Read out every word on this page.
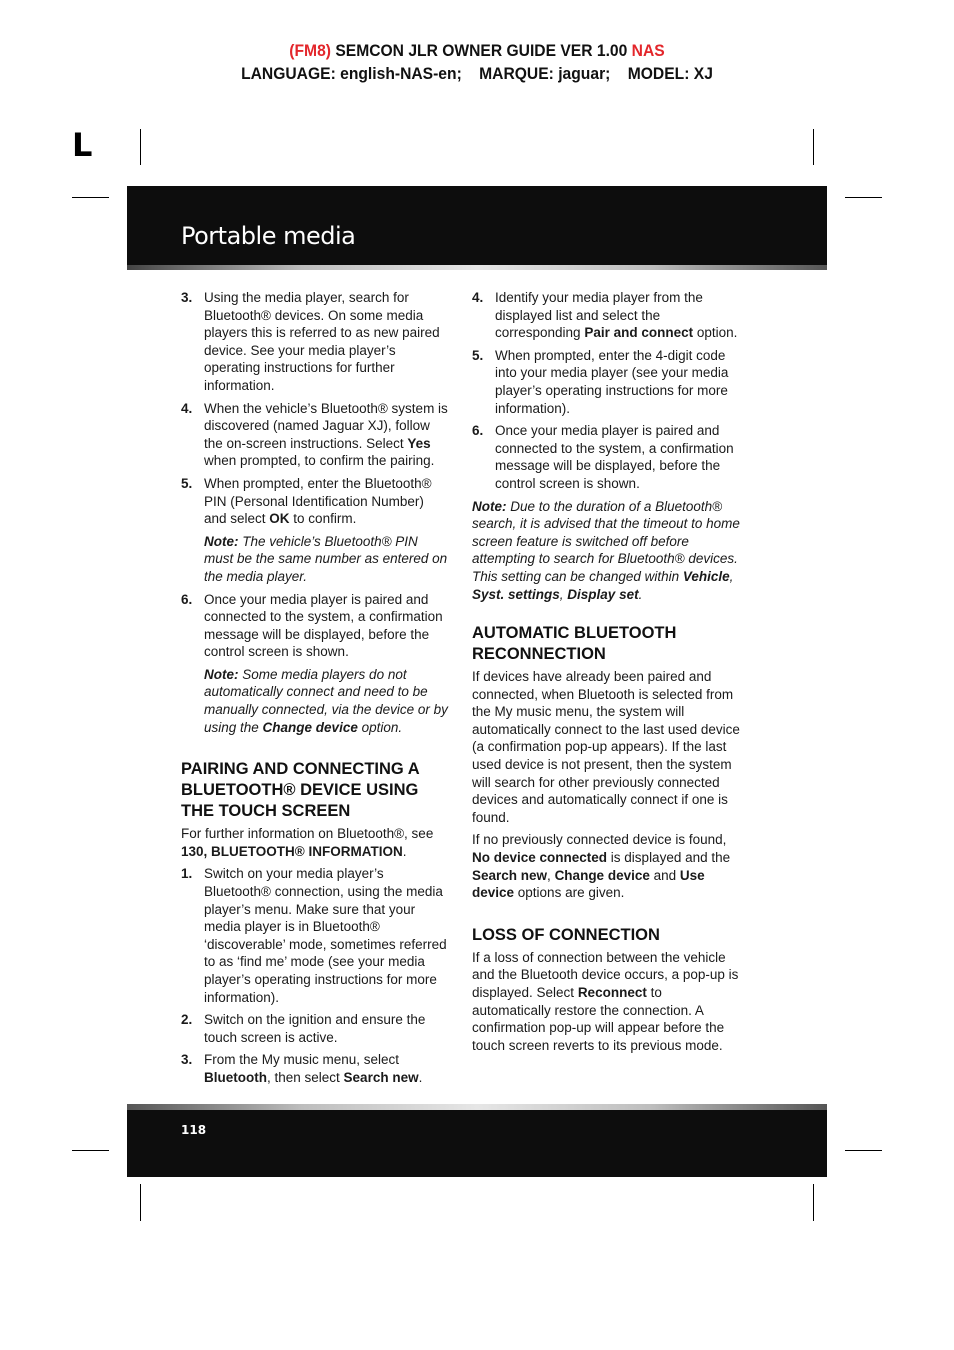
(FM8) SEMCON JLR OWNER GUIDE VER 1.00 NAS
LANGUAGE: english-NAS-en;    MARQUE: jaguar;    MODEL: XJ
L
Portable media
3. Using the media player, search for Bluetooth® devices. On some media players this is referred to as new paired device. See your media player’s operating instructions for further information.
4. When the vehicle’s Bluetooth® system is discovered (named Jaguar XJ), follow the on-screen instructions. Select Yes when prompted, to confirm the pairing.
5. When prompted, enter the Bluetooth® PIN (Personal Identification Number) and select OK to confirm.
Note: The vehicle’s Bluetooth® PIN must be the same number as entered on the media player.
6. Once your media player is paired and connected to the system, a confirmation message will be displayed, before the control screen is shown.
Note: Some media players do not automatically connect and need to be manually connected, via the device or by using the Change device option.
PAIRING AND CONNECTING A BLUETOOTH® DEVICE USING THE TOUCH SCREEN
For further information on Bluetooth®, see 130, BLUETOOTH® INFORMATION.
1. Switch on your media player’s Bluetooth® connection, using the media player’s menu. Make sure that your media player is in Bluetooth® ‘discoverable’ mode, sometimes referred to as ‘find me’ mode (see your media player’s operating instructions for more information).
2. Switch on the ignition and ensure the touch screen is active.
3. From the My music menu, select Bluetooth, then select Search new.
4. Identify your media player from the displayed list and select the corresponding Pair and connect option.
5. When prompted, enter the 4-digit code into your media player (see your media player’s operating instructions for more information).
6. Once your media player is paired and connected to the system, a confirmation message will be displayed, before the control screen is shown.
Note: Due to the duration of a Bluetooth® search, it is advised that the timeout to home screen feature is switched off before attempting to search for Bluetooth® devices. This setting can be changed within Vehicle, Syst. settings, Display set.
AUTOMATIC BLUETOOTH RECONNECTION
If devices have already been paired and connected, when Bluetooth is selected from the My music menu, the system will automatically connect to the last used device (a confirmation pop-up appears). If the last used device is not present, then the system will search for other previously connected devices and automatically connect if one is found.
If no previously connected device is found, No device connected is displayed and the Search new, Change device and Use device options are given.
LOSS OF CONNECTION
If a loss of connection between the vehicle and the Bluetooth device occurs, a pop-up is displayed. Select Reconnect to automatically restore the connection. A confirmation pop-up will appear before the touch screen reverts to its previous mode.
118
